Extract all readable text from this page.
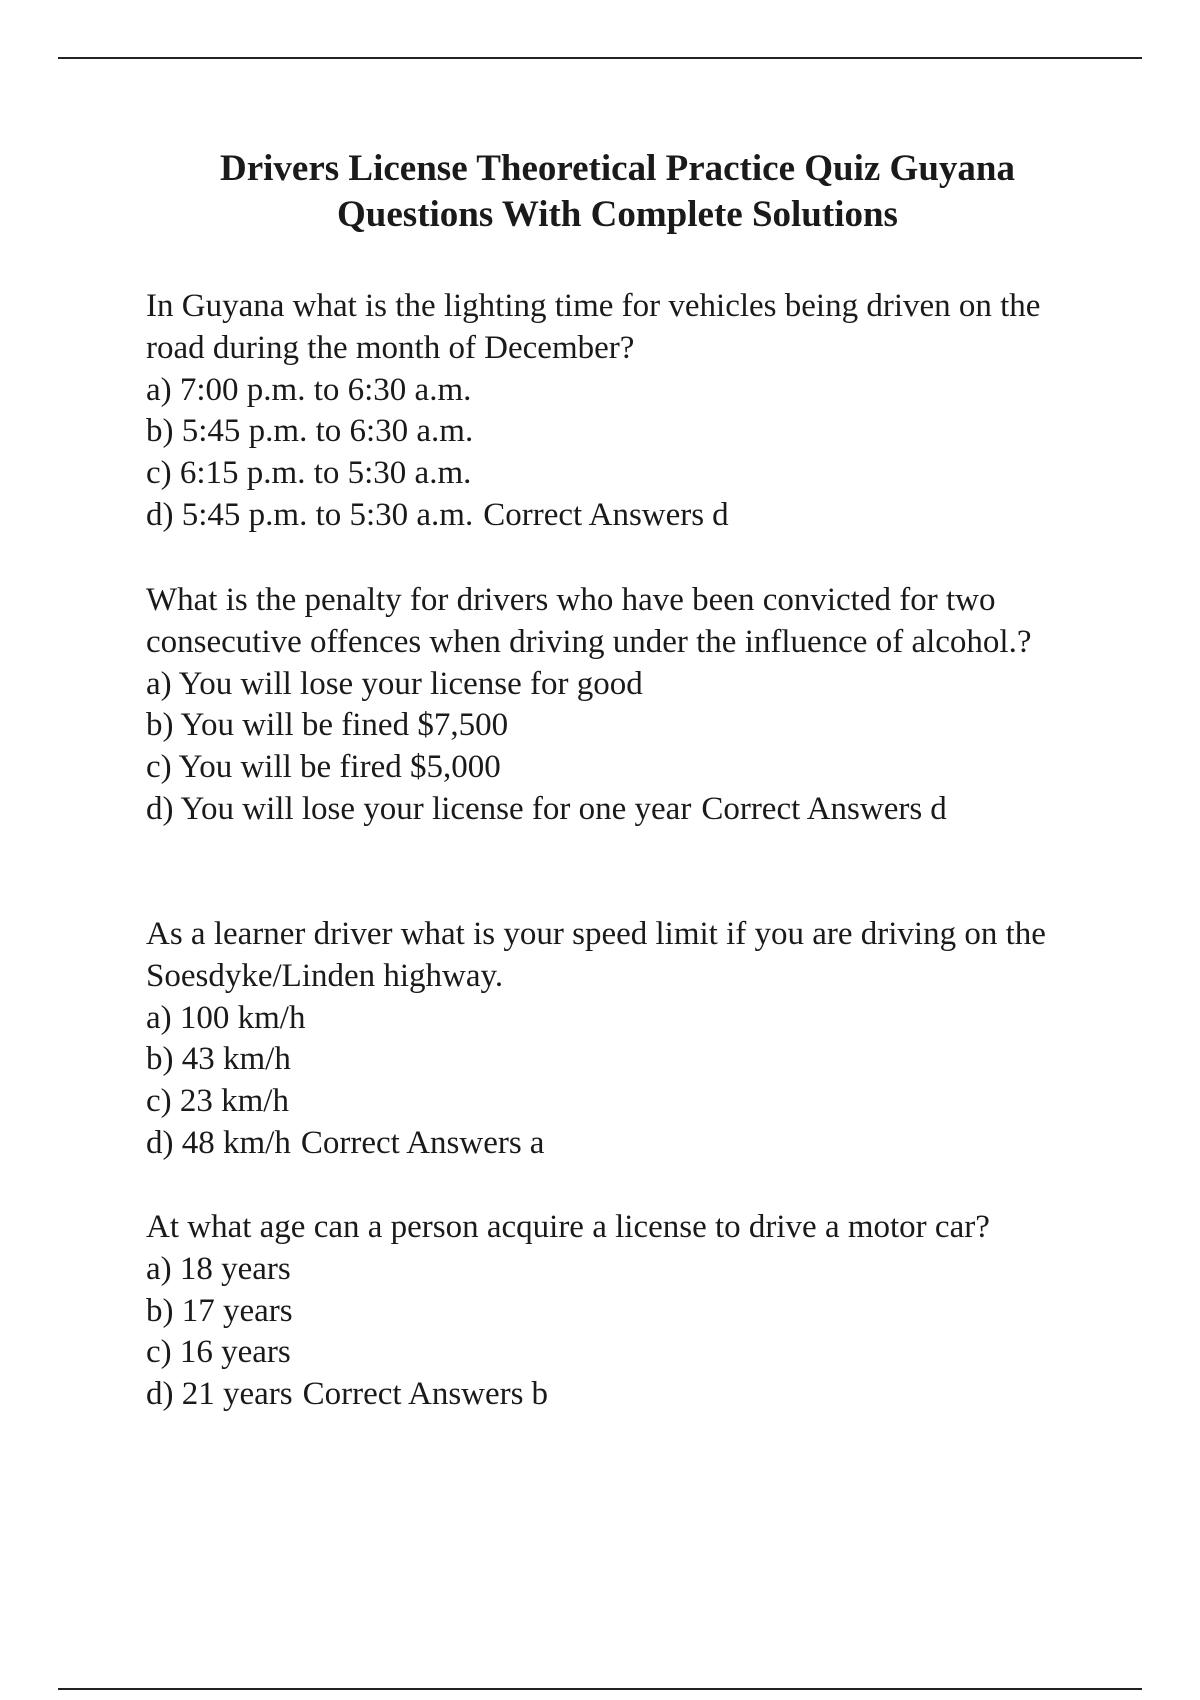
Drivers License Theoretical Practice Quiz Guyana
Questions With Complete Solutions

In Guyana what is the lighting time for vehicles being driven on the road during the month of December?

a) 7:00 p.m. to 6:30 a.m.

b) 5:45 p.m. to 6:30 a.m.

c) 6:15 p.m. to 5:30 a.m.

d) 5:45 p.m. to 5:30 a.m. Correct Answers d

What is the penalty for drivers who have been convicted for two consecutive offences when driving under the influence of alcohol.?

a) You will lose your license for good

b) You will be fined $7,500

c) You will be fired $5,000

d) You will lose your license for one year Correct Answers d

As a learner driver what is your speed limit if you are driving on the Soesdyke/Linden highway.

a) 100 km/h

b) 43 km/h

c) 23 km/h

d) 48 km/h Correct Answers a

At what age can a person acquire a license to drive a motor car?

a) 18 years

b) 17 years

c) 16 years

d) 21 years Correct Answers b
